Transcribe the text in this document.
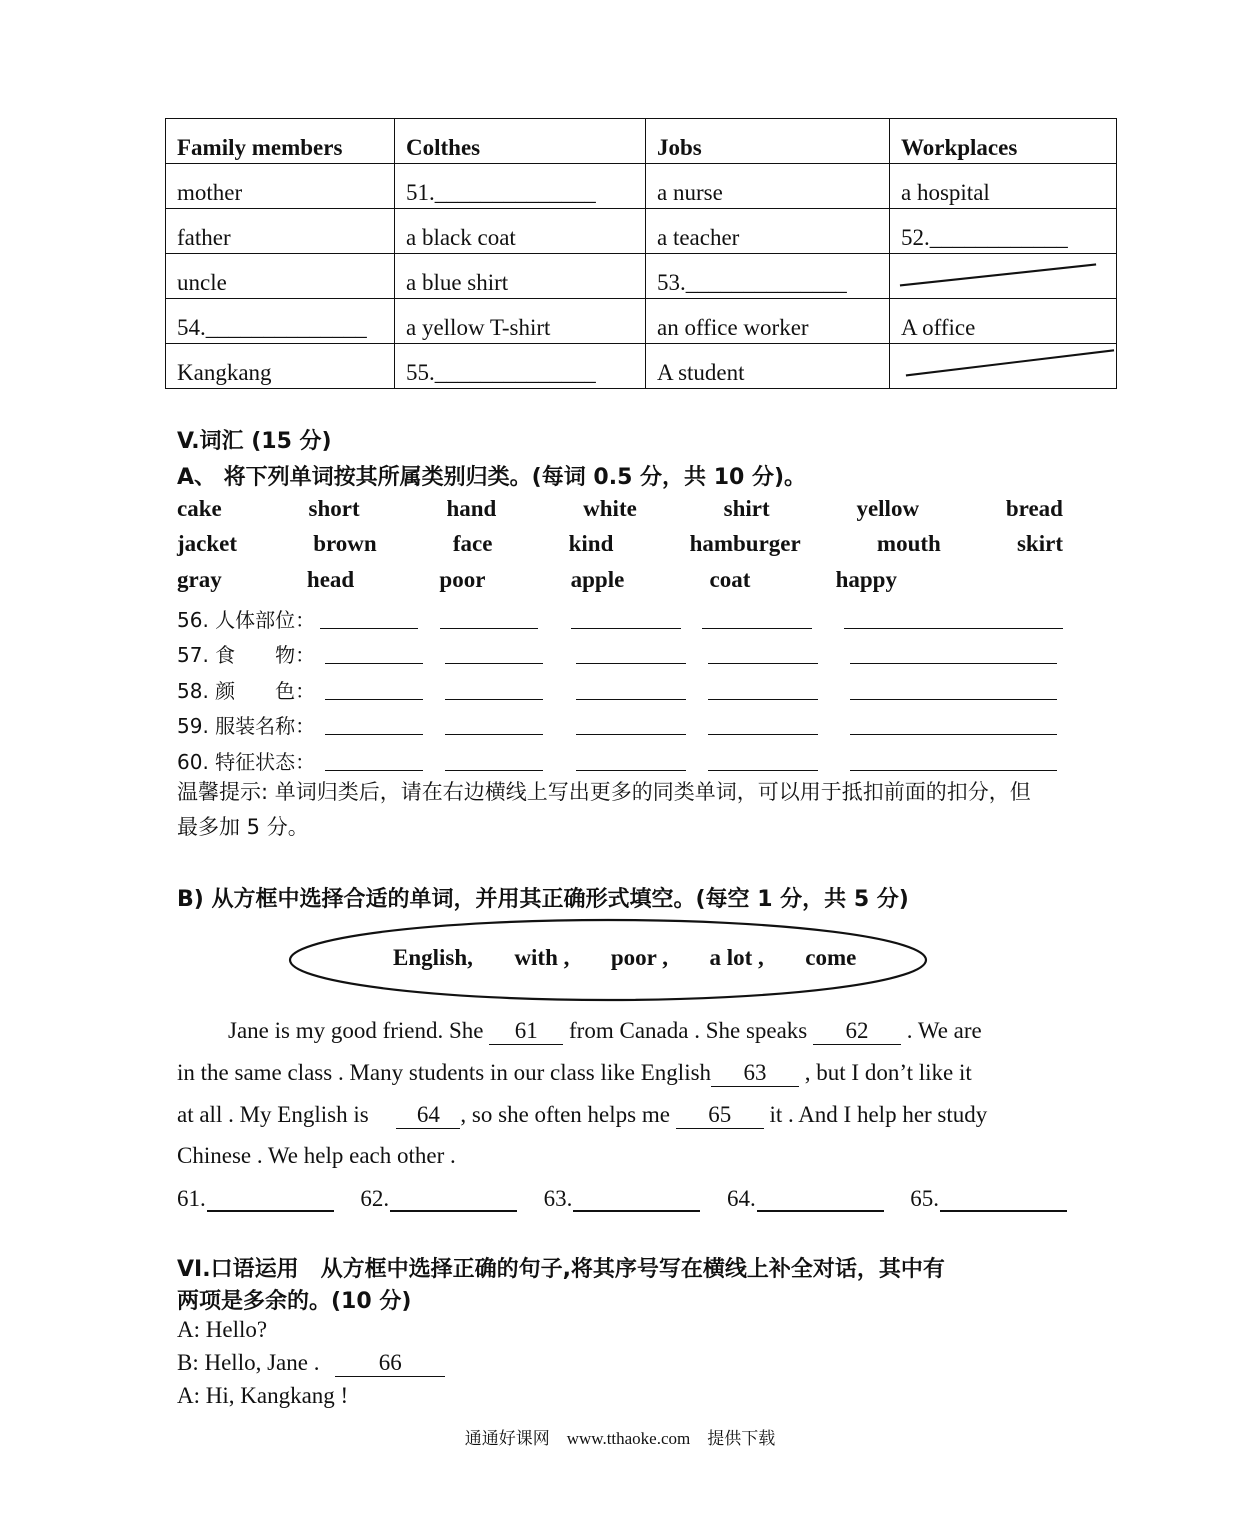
Family members	Colthes	Jobs	Workplaces
mother	51.______________	a nurse	a hospital
father	a black coat	a teacher	52.____________
uncle	a blue shirt	53.______________	

54.______________	a yellow T-shirt	an office worker	A office
Kangkang	55.______________	A student	
V.词汇 (15 分)
A、 将下列单词按其所属类别归类。(每词 0.5 分，共 10 分)。
cake	short	hand	white	shirt	yellow	bread
jacket	brown	face	kind	hamburger	mouth	skirt
gray	head	poor	apple	coat	happy
56. 人体部位：
57. 食　　物：
58. 颜　　色：
59. 服装名称：
60. 特征状态：
温馨提示: 单词归类后，请在右边横线上写出更多的同类单词，可以用于抵扣前面的扣分，但
最多加 5 分。
B) 从方框中选择合适的单词，并用其正确形式填空。(每空 1 分，共 5 分)
English, with , poor , a lot , come
Jane is my good friend. She 61 from Canada . She speaks 62 . We are
in the same class . Many students in our class like English 63 , but I don’t like it
at all . My English is 64 , so she often helps me 65 it . And I help her study
Chinese . We help each other .
61.	62.	63.	64.	65.
VI.口语运用　从方框中选择正确的句子,将其序号写在横线上补全对话，其中有
两项是多余的。(10 分)
A: Hello?
B: Hello, Jane . 66
A: Hi, Kangkang !
通通好课网　www.tthaoke.com　提供下载
